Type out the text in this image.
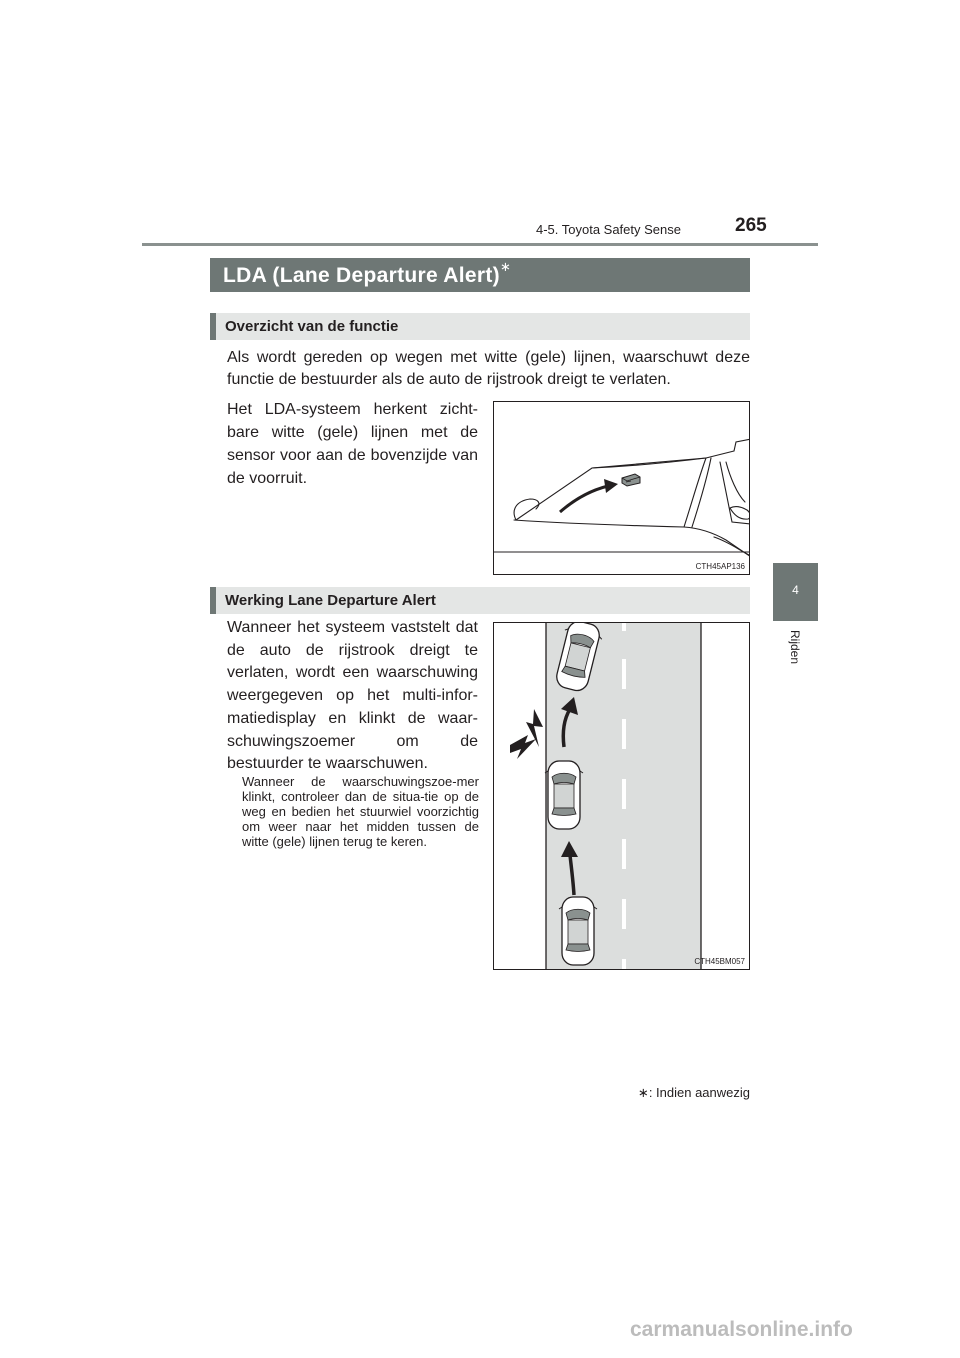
4-5. Toyota Safety Sense	265
4
Rijden
LDA (Lane Departure Alert)∗
Overzicht van de functie
Als wordt gereden op wegen met witte (gele) lijnen, waarschuwt deze functie de bestuurder als de auto de rijstrook dreigt te verlaten.
Het LDA-systeem herkent zicht-bare witte (gele) lijnen met de sensor voor aan de bovenzijde van de voorruit.
CTH45AP136
Werking Lane Departure Alert
Wanneer het systeem vaststelt dat de auto de rijstrook dreigt te verlaten, wordt een waarschuwing weergegeven op het multi-infor-matiedisplay en klinkt de waar-schuwingszoemer om de bestuurder te waarschuwen.
Wanneer de waarschuwingszoe-mer klinkt, controleer dan de situa-tie op de weg en bedien het stuurwiel voorzichtig om weer naar het midden tussen de witte (gele) lijnen terug te keren.
CTH45BM057
∗: Indien aanwezig
carmanualsonline.info
